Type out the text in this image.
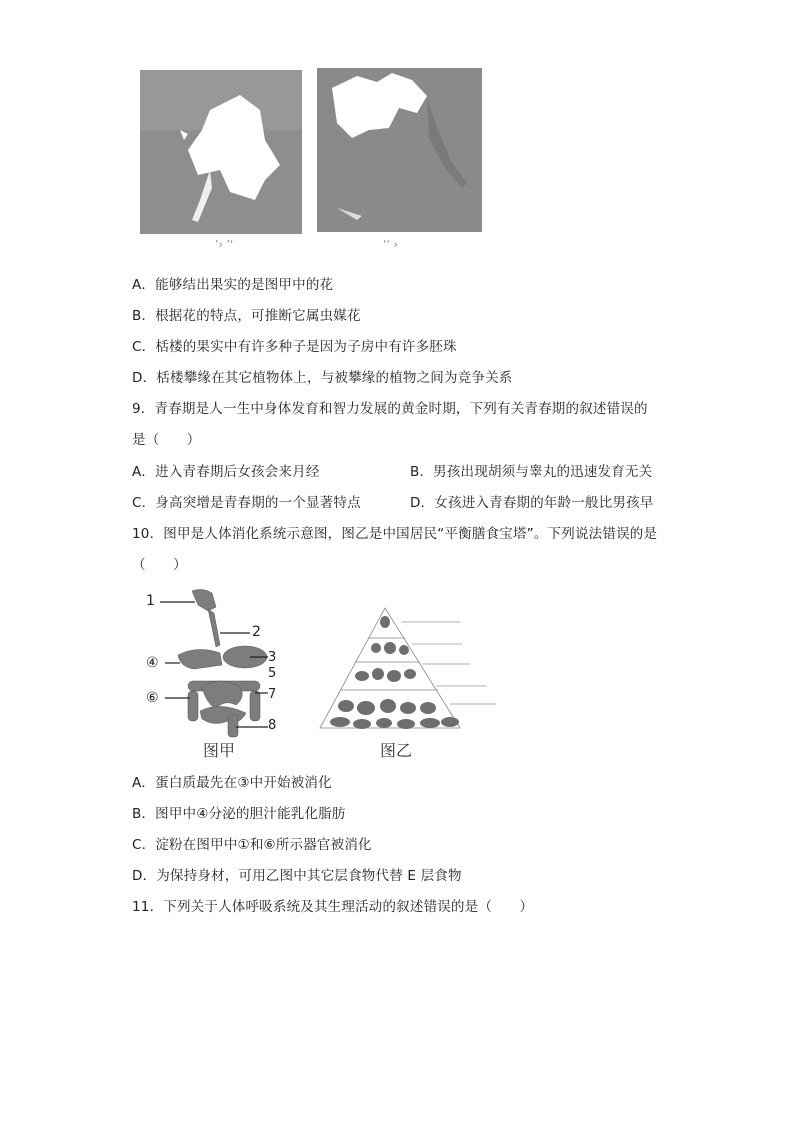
’› ’‘	‘‘ ›
A．能够结出果实的是图甲中的花
B．根据花的特点，可推断它属虫媒花
C．栝楼的果实中有许多种子是因为子房中有许多胚珠
D．栝楼攀缘在其它植物体上，与被攀缘的植物之间为竞争关系
9．青春期是人一生中身体发育和智力发展的黄金时期，下列有关青春期的叙述错误的
是（　　）
A．进入青春期后女孩会来月经	B．男孩出现胡须与睾丸的迅速发育无关
C．身高突增是青春期的一个显著特点	D．女孩进入青春期的年龄一般比男孩早
10．图甲是人体消化系统示意图，图乙是中国居民“平衡膳食宝塔”。下列说法错误的是
（　　）
1
2
3
④
5
⑥	7
8
图甲	图乙
A．蛋白质最先在③中开始被消化
B．图甲中④分泌的胆汁能乳化脂肪
C．淀粉在图甲中①和⑥所示器官被消化
D．为保持身材，可用乙图中其它层食物代替 E 层食物
11．下列关于人体呼吸系统及其生理活动的叙述错误的是（　　）
